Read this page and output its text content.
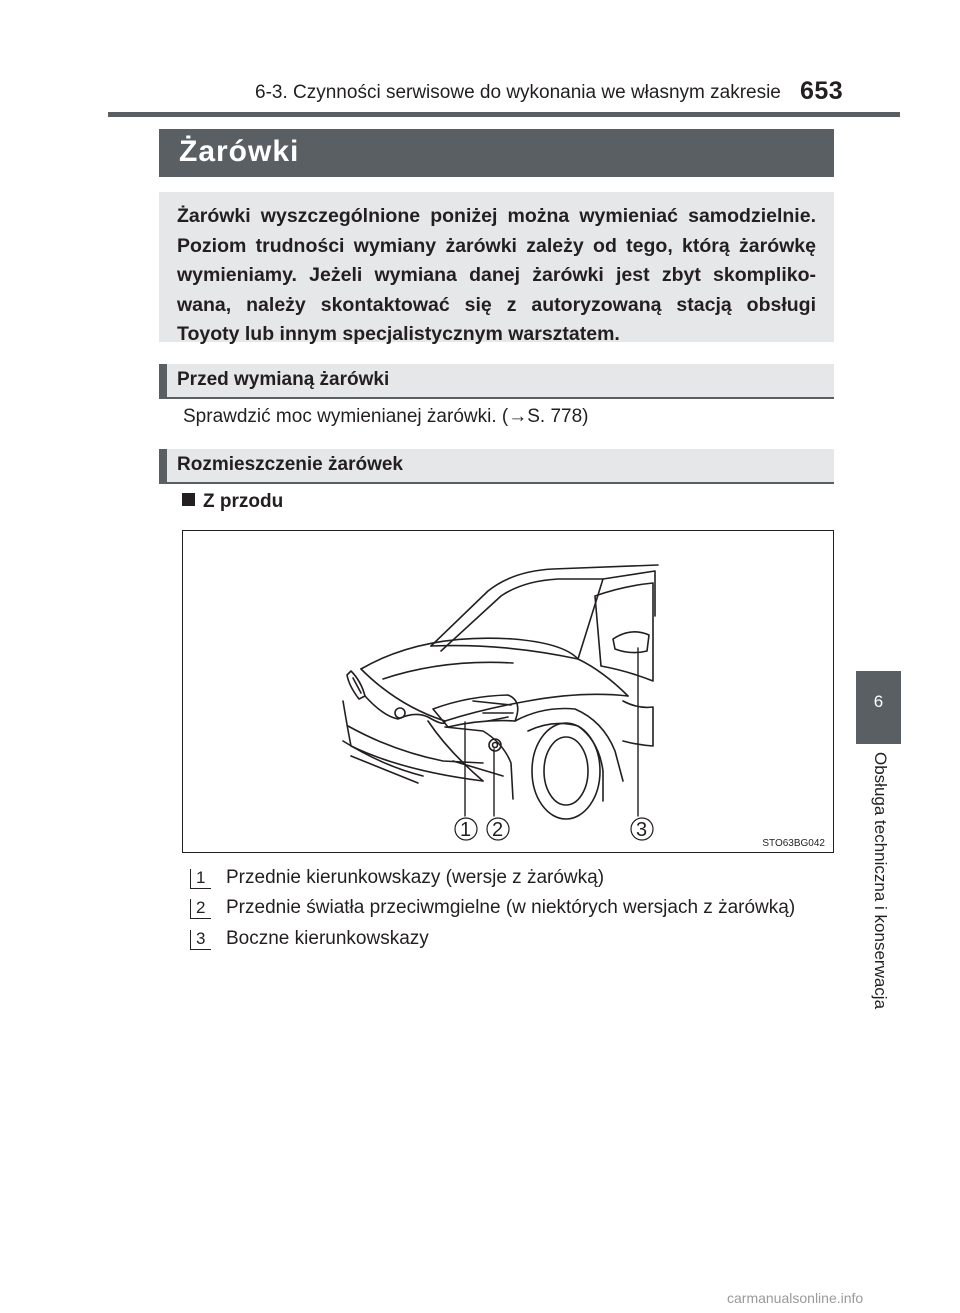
6-3. Czynności serwisowe do wykonania we własnym zakresie 653
Żarówki

Żarówki wyszczególnione poniżej można wymieniać samodzielnie. Poziom trudności wymiany żarówki zależy od tego, którą żarówkę wymieniamy. Jeżeli wymiana danej żarówki jest zbyt skompliko-wana, należy skontaktować się z autoryzowaną stacją obsługi Toyoty lub innym specjalistycznym warsztatem.

Przed wymianą żarówki
Sprawdzić moc wymienianej żarówki. (→S. 778)
Rozmieszczenie żarówek
Z przodu
1 2	3
STO63BG042
1 Przednie kierunkowskazy (wersje z żarówką)
2 Przednie światła przeciwmgielne (w niektórych wersjach z żarówką)
3 Boczne kierunkowskazy
6
Obsługa techniczna i konserwacja
carmanualsonline.info
